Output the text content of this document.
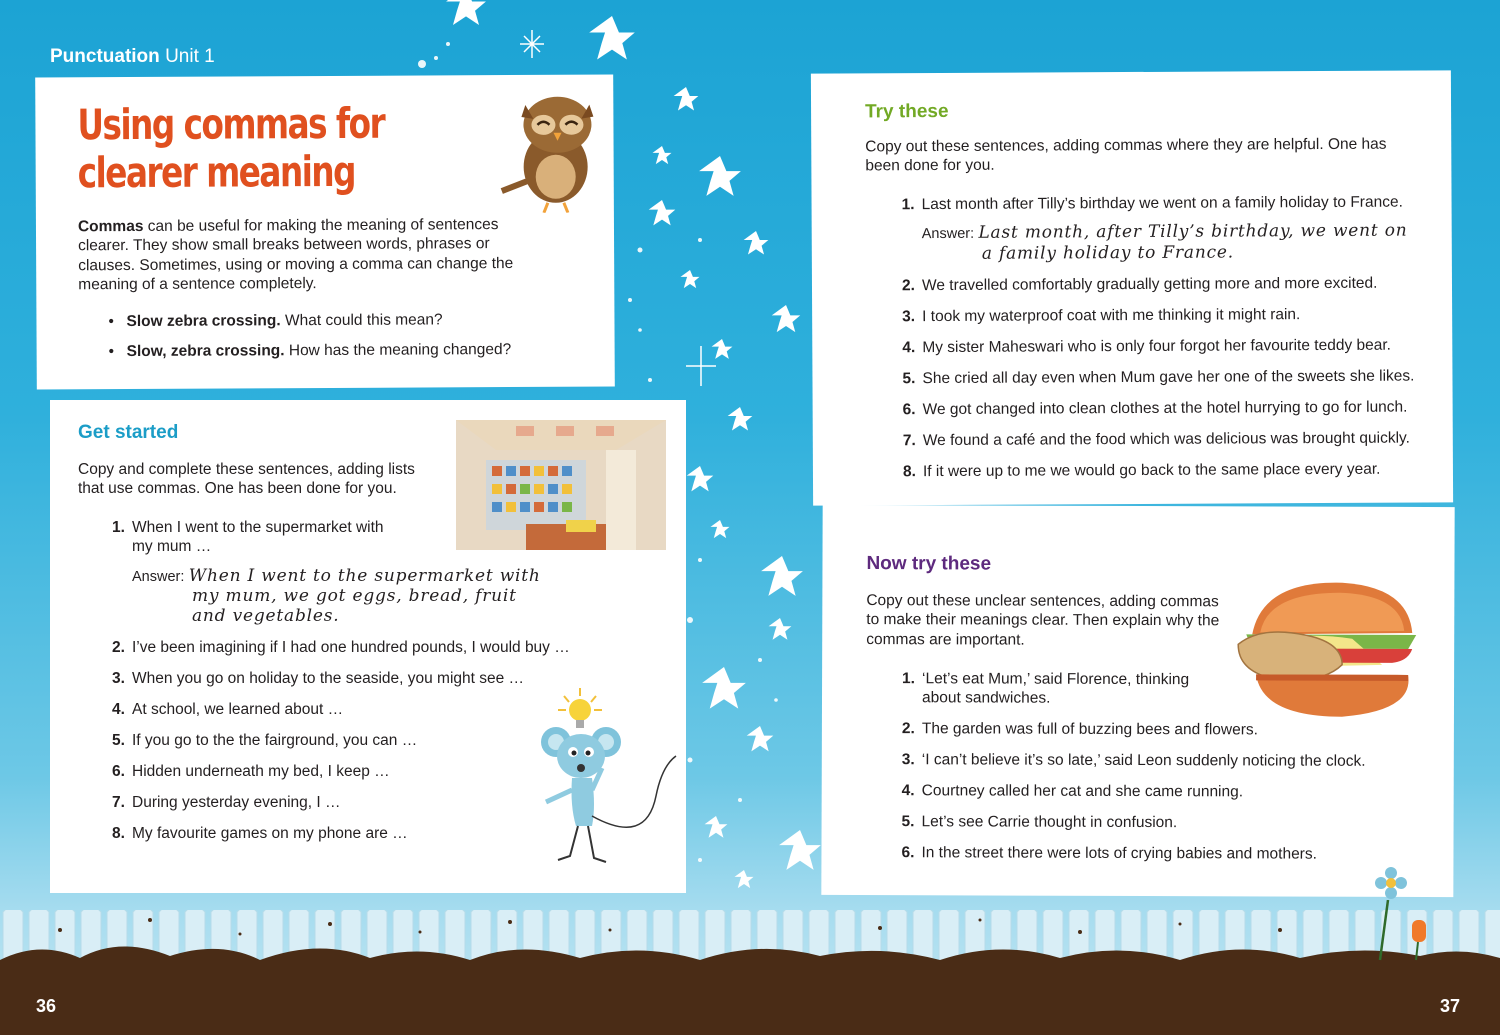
Punctuation Unit 1
Using commas for
clearer meaning
Commas can be useful for making the meaning of sentences clearer. They show small breaks between words, phrases or clauses. Sometimes, using or moving a comma can change the meaning of a sentence completely.
• Slow zebra crossing. What could this mean?
• Slow, zebra crossing. How has the meaning changed?
Get started
Copy and complete these sentences, adding lists that use commas. One has been done for you.
1. When I went to the supermarket with my mum …
Answer: When I went to the supermarket with
my mum, we got eggs, bread, fruit
and vegetables.
2. I’ve been imagining if I had one hundred pounds, I would buy …
3. When you go on holiday to the seaside, you might see …
4. At school, we learned about …
5. If you go to the the fairground, you can …
6. Hidden underneath my bed, I keep …
7. During yesterday evening, I …
8. My favourite games on my phone are …
Try these
Copy out these sentences, adding commas where they are helpful. One has been done for you.
1. Last month after Tilly’s birthday we went on a family holiday to France.
Answer: Last month, after Tilly’s birthday, we went on
a family holiday to France.
2. We travelled comfortably gradually getting more and more excited.
3. I took my waterproof coat with me thinking it might rain.
4. My sister Maheswari who is only four forgot her favourite teddy bear.
5. She cried all day even when Mum gave her one of the sweets she likes.
6. We got changed into clean clothes at the hotel hurrying to go for lunch.
7. We found a café and the food which was delicious was brought quickly.
8. If it were up to me we would go back to the same place every year.
Now try these
Copy out these unclear sentences, adding commas to make their meanings clear. Then explain why the commas are important.
1. ‘Let’s eat Mum,’ said Florence, thinking about sandwiches.
2. The garden was full of buzzing bees and flowers.
3. ‘I can’t believe it’s so late,’ said Leon suddenly noticing the clock.
4. Courtney called her cat and she came running.
5. Let’s see Carrie thought in confusion.
6. In the street there were lots of crying babies and mothers.
36	37
